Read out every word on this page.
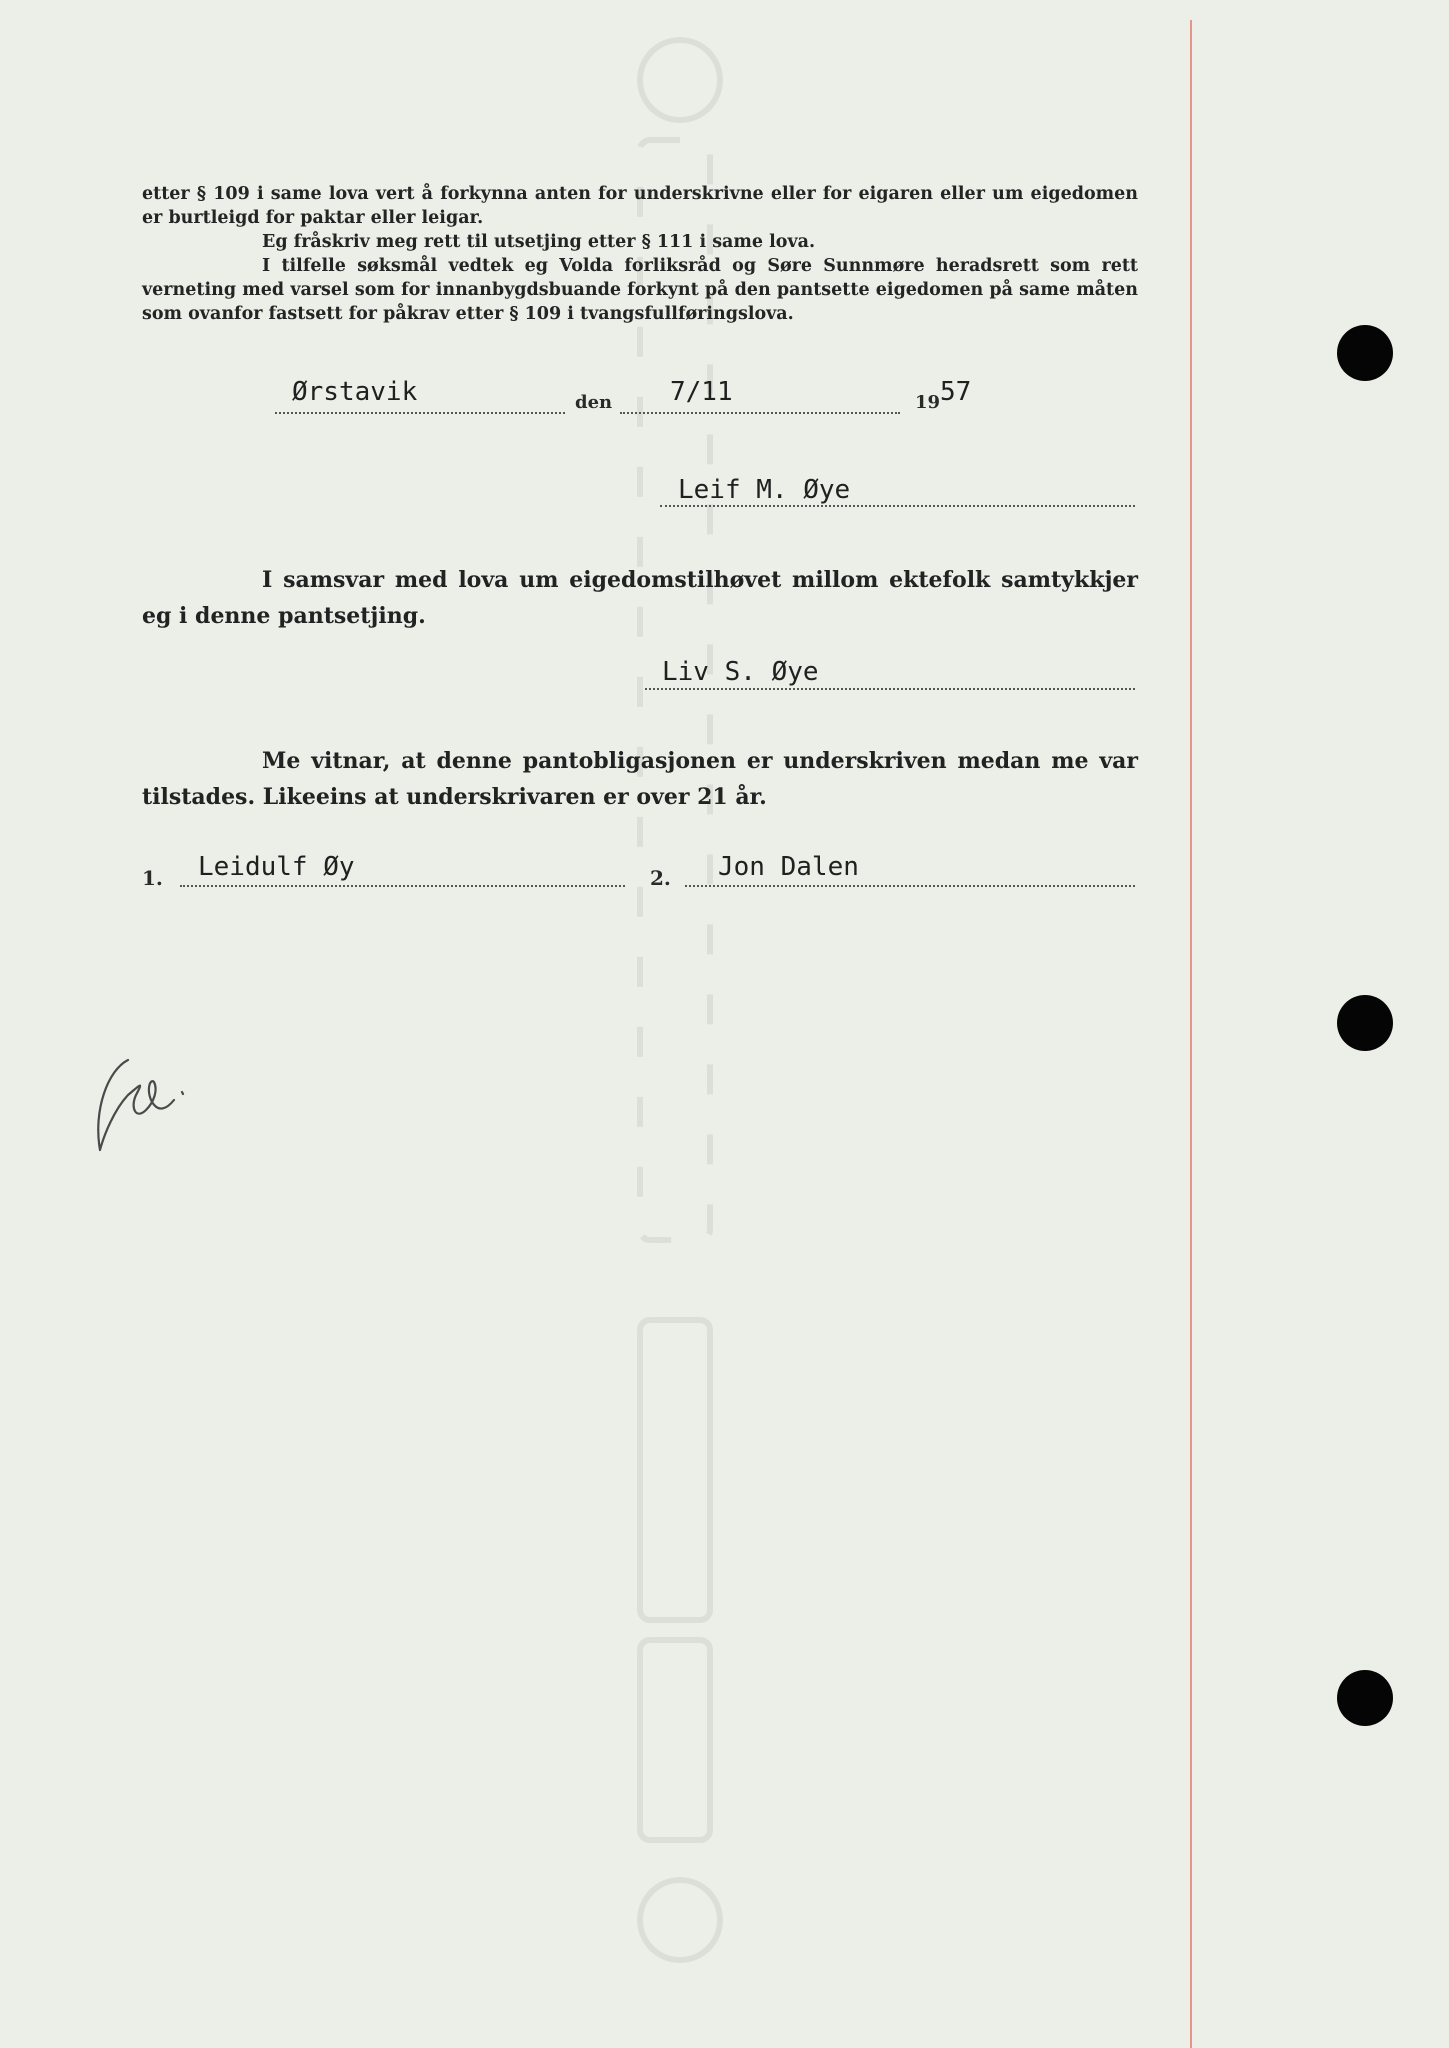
etter § 109 i same lova vert å forkynna anten for underskrivne eller for eigaren eller um eigedomen er burtleigd for paktar eller leigar.

Eg fråskriv meg rett til utsetjing etter § 111 i same lova.

I tilfelle søksmål vedtek eg Volda forliksråd og Søre Sunnmøre heradsrett som rett verneting med varsel som for innanbygdsbuande forkynt på den pantsette eigedomen på same måten som ovanfor fastsett for påkrav etter § 109 i tvangsfullføringslova.

Ørstavik	den 7/11	19 57
Leif M. Øye

I samsvar med lova um eigedomstilhøvet millom ektefolk samtykkjer eg i denne pantsetjing.

Liv S. Øye

Me vitnar, at denne pantobligasjonen er underskriven medan me var tilstades. Likeeins at underskrivaren er over 21 år.

1. Leidulf Øy	2. Jon Dalen
